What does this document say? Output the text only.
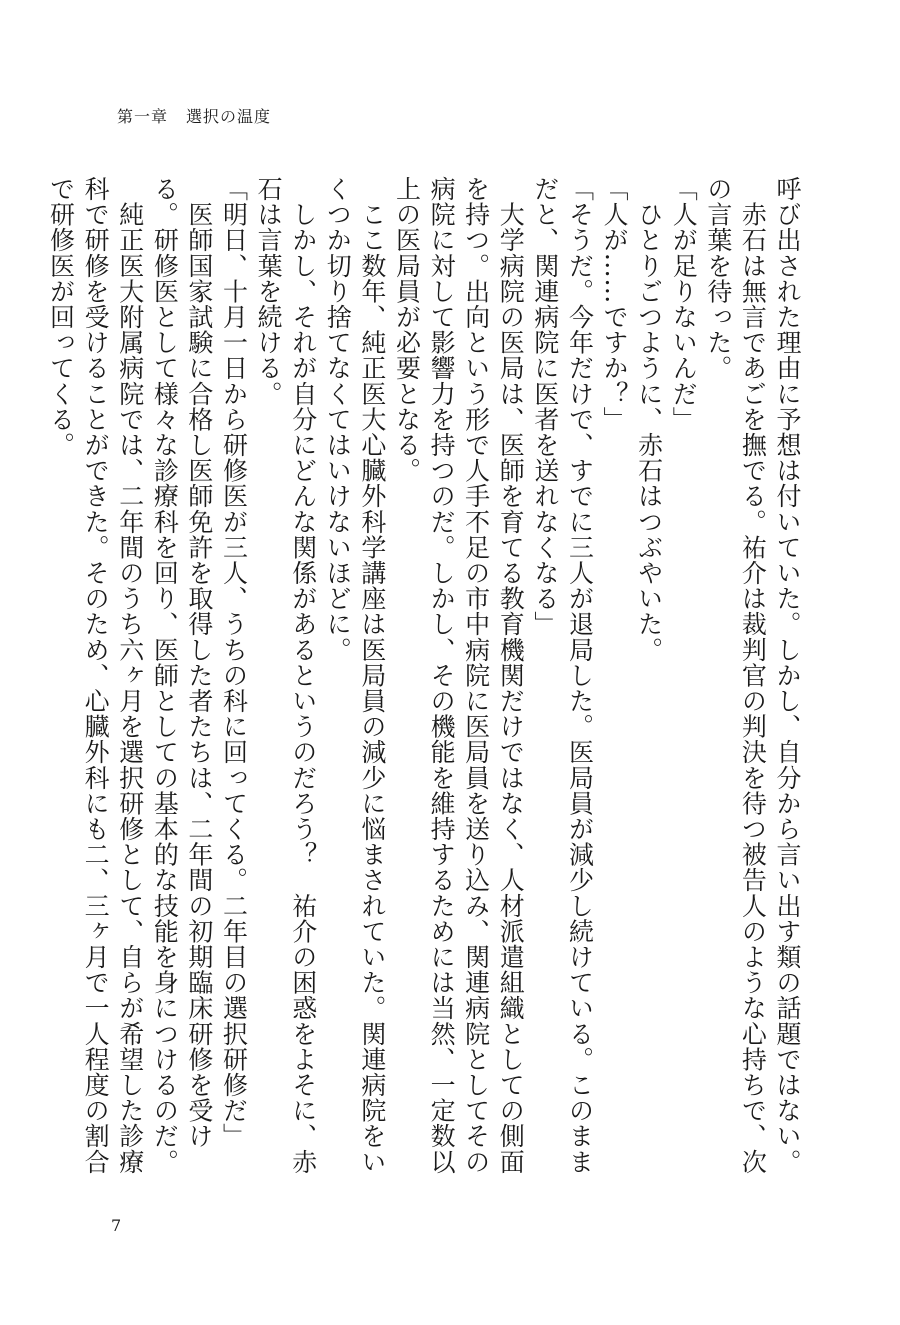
第一章 選択の温度

呼び出された理由に予想は付いていた。しかし、自分から言い出す類の話題ではない。

　赤石は無言であごを撫でる。祐介は裁判官の判決を待つ被告人のような心持ちで、次の言葉を待った。

「人が足りないんだ」

　ひとりごつように、赤石はつぶやいた。

「人が……ですか？」

「そうだ。今年だけで、すでに三人が退局した。医局員が減少し続けている。このままだと、関連病院に医者を送れなくなる」

　大学病院の医局は、医師を育てる教育機関だけではなく、人材派遣組織としての側面を持つ。出向という形で人手不足の市中病院に医局員を送り込み、関連病院としてその病院に対して影響力を持つのだ。しかし、その機能を維持するためには当然、一定数以上の医局員が必要となる。

　ここ数年、純正医大心臓外科学講座は医局員の減少に悩まされていた。関連病院をいくつか切り捨てなくてはいけないほどに。

　しかし、それが自分にどんな関係があるというのだろう？　祐介の困惑をよそに、赤石は言葉を続ける。

「明日、十月一日から研修医が三人、うちの科に回ってくる。二年目の選択研修だ」

　医師国家試験に合格し医師免許を取得した者たちは、二年間の初期臨床研修を受ける。研修医として様々な診療科を回り、医師としての基本的な技能を身につけるのだ。

　純正医大附属病院では、二年間のうち六ヶ月を選択研修として、自らが希望した診療科で研修を受けることができた。そのため、心臓外科にも二、三ヶ月で一人程度の割合で研修医が回ってくる。

7
